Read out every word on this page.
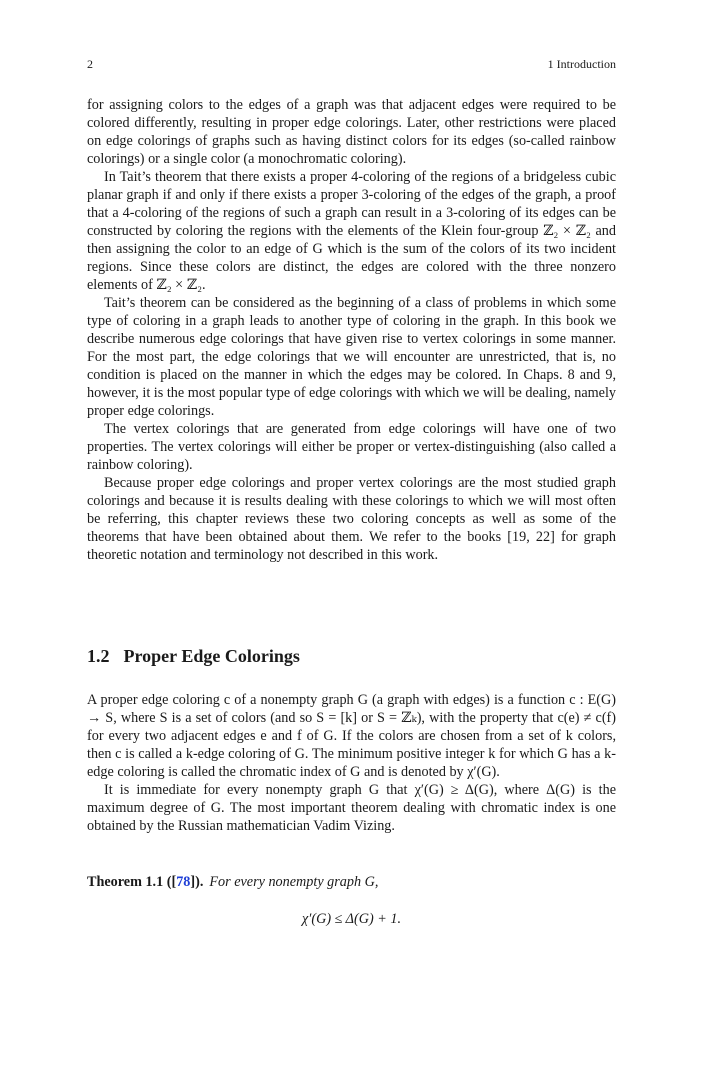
2	1 Introduction

for assigning colors to the edges of a graph was that adjacent edges were required to be colored differently, resulting in proper edge colorings. Later, other restrictions were placed on edge colorings of graphs such as having distinct colors for its edges (so-called rainbow colorings) or a single color (a monochromatic coloring).

In Tait’s theorem that there exists a proper 4-coloring of the regions of a bridgeless cubic planar graph if and only if there exists a proper 3-coloring of the edges of the graph, a proof that a 4-coloring of the regions of such a graph can result in a 3-coloring of its edges can be constructed by coloring the regions with the elements of the Klein four-group ℤ₂ × ℤ₂ and then assigning the color to an edge of G which is the sum of the colors of its two incident regions. Since these colors are distinct, the edges are colored with the three nonzero elements of ℤ₂ × ℤ₂.

Tait’s theorem can be considered as the beginning of a class of problems in which some type of coloring in a graph leads to another type of coloring in the graph. In this book we describe numerous edge colorings that have given rise to vertex colorings in some manner. For the most part, the edge colorings that we will encounter are unrestricted, that is, no condition is placed on the manner in which the edges may be colored. In Chaps. 8 and 9, however, it is the most popular type of edge colorings with which we will be dealing, namely proper edge colorings.

The vertex colorings that are generated from edge colorings will have one of two properties. The vertex colorings will either be proper or vertex-distinguishing (also called a rainbow coloring).

Because proper edge colorings and proper vertex colorings are the most studied graph colorings and because it is results dealing with these colorings to which we will most often be referring, this chapter reviews these two coloring concepts as well as some of the theorems that have been obtained about them. We refer to the books [19, 22] for graph theoretic notation and terminology not described in this work.

1.2 Proper Edge Colorings

A proper edge coloring c of a nonempty graph G (a graph with edges) is a function c : E(G) → S, where S is a set of colors (and so S = [k] or S = ℤₖ), with the property that c(e) ≠ c(f) for every two adjacent edges e and f of G. If the colors are chosen from a set of k colors, then c is called a k-edge coloring of G. The minimum positive integer k for which G has a k-edge coloring is called the chromatic index of G and is denoted by χ′(G).

It is immediate for every nonempty graph G that χ′(G) ≥ Δ(G), where Δ(G) is the maximum degree of G. The most important theorem dealing with chromatic index is one obtained by the Russian mathematician Vadim Vizing.

Theorem 1.1 ([78]). For every nonempty graph G,
χ′(G) ≤ Δ(G) + 1.
